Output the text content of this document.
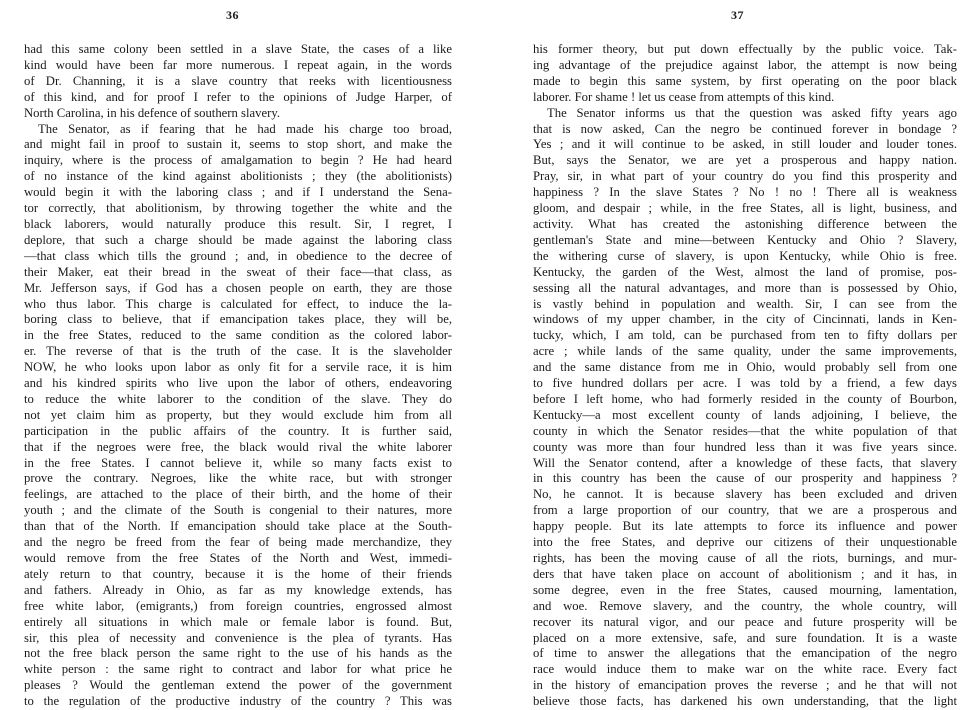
36	37
had this same colony been settled in a slave State, the cases of a like
kind would have been far more numerous. I repeat again, in the words
of Dr. Channing, it is a slave country that reeks with licentiousness
of this kind, and for proof I refer to the opinions of Judge Harper, of
North Carolina, in his defence of southern slavery.
The Senator, as if fearing that he had made his charge too broad,
and might fail in proof to sustain it, seems to stop short, and make the
inquiry, where is the process of amalgamation to begin ? He had heard
of no instance of the kind against abolitionists ; they (the abolitionists)
would begin it with the laboring class ; and if I understand the Sena-
tor correctly, that abolitionism, by throwing together the white and the
black laborers, would naturally produce this result. Sir, I regret, I
deplore, that such a charge should be made against the laboring class
—that class which tills the ground ; and, in obedience to the decree of
their Maker, eat their bread in the sweat of their face—that class, as
Mr. Jefferson says, if God has a chosen people on earth, they are those
who thus labor. This charge is calculated for effect, to induce the la-
boring class to believe, that if emancipation takes place, they will be,
in the free States, reduced to the same condition as the colored labor-
er. The reverse of that is the truth of the case. It is the slaveholder
NOW, he who looks upon labor as only fit for a servile race, it is him
and his kindred spirits who live upon the labor of others, endeavoring
to reduce the white laborer to the condition of the slave. They do
not yet claim him as property, but they would exclude him from all
participation in the public affairs of the country. It is further said,
that if the negroes were free, the black would rival the white laborer
in the free States. I cannot believe it, while so many facts exist to
prove the contrary. Negroes, like the white race, but with stronger
feelings, are attached to the place of their birth, and the home of their
youth ; and the climate of the South is congenial to their natures, more
than that of the North. If emancipation should take place at the South-
and the negro be freed from the fear of being made merchandize, they
would remove from the free States of the North and West, immedi-
ately return to that country, because it is the home of their friends
and fathers. Already in Ohio, as far as my knowledge extends, has
free white labor, (emigrants,) from foreign countries, engrossed almost
entirely all situations in which male or female labor is found. But,
sir, this plea of necessity and convenience is the plea of tyrants. Has
not the free black person the same right to the use of his hands as the
white person : the same right to contract and labor for what price he
pleases ? Would the gentleman extend the power of the government
to the regulation of the productive industry of the country ? This was
his former theory, but put down effectually by the public voice. Tak-
ing advantage of the prejudice against labor, the attempt is now being
made to begin this same system, by first operating on the poor black
laborer. For shame ! let us cease from attempts of this kind.
The Senator informs us that the question was asked fifty years ago
that is now asked, Can the negro be continued forever in bondage ?
Yes ; and it will continue to be asked, in still louder and louder tones.
But, says the Senator, we are yet a prosperous and happy nation.
Pray, sir, in what part of your country do you find this prosperity and
happiness ? In the slave States ? No ! no ! There all is weakness
gloom, and despair ; while, in the free States, all is light, business, and
activity. What has created the astonishing difference between the
gentleman's State and mine—between Kentucky and Ohio ? Slavery,
the withering curse of slavery, is upon Kentucky, while Ohio is free.
Kentucky, the garden of the West, almost the land of promise, pos-
sessing all the natural advantages, and more than is possessed by Ohio,
is vastly behind in population and wealth. Sir, I can see from the
windows of my upper chamber, in the city of Cincinnati, lands in Ken-
tucky, which, I am told, can be purchased from ten to fifty dollars per
acre ; while lands of the same quality, under the same improvements,
and the same distance from me in Ohio, would probably sell from one
to five hundred dollars per acre. I was told by a friend, a few days
before I left home, who had formerly resided in the county of Bourbon,
Kentucky—a most excellent county of lands adjoining, I believe, the
county in which the Senator resides—that the white population of that
county was more than four hundred less than it was five years since.
Will the Senator contend, after a knowledge of these facts, that slavery
in this country has been the cause of our prosperity and happiness ?
No, he cannot. It is because slavery has been excluded and driven
from a large proportion of our country, that we are a prosperous and
happy people. But its late attempts to force its influence and power
into the free States, and deprive our citizens of their unquestionable
rights, has been the moving cause of all the riots, burnings, and mur-
ders that have taken place on account of abolitionism ; and it has, in
some degree, even in the free States, caused mourning, lamentation,
and woe. Remove slavery, and the country, the whole country, will
recover its natural vigor, and our peace and future prosperity will be
placed on a more extensive, safe, and sure foundation. It is a waste
of time to answer the allegations that the emancipation of the negro
race would induce them to make war on the white race. Every fact
in the history of emancipation proves the reverse ; and he that will not
believe those facts, has darkened his own understanding, that the light
